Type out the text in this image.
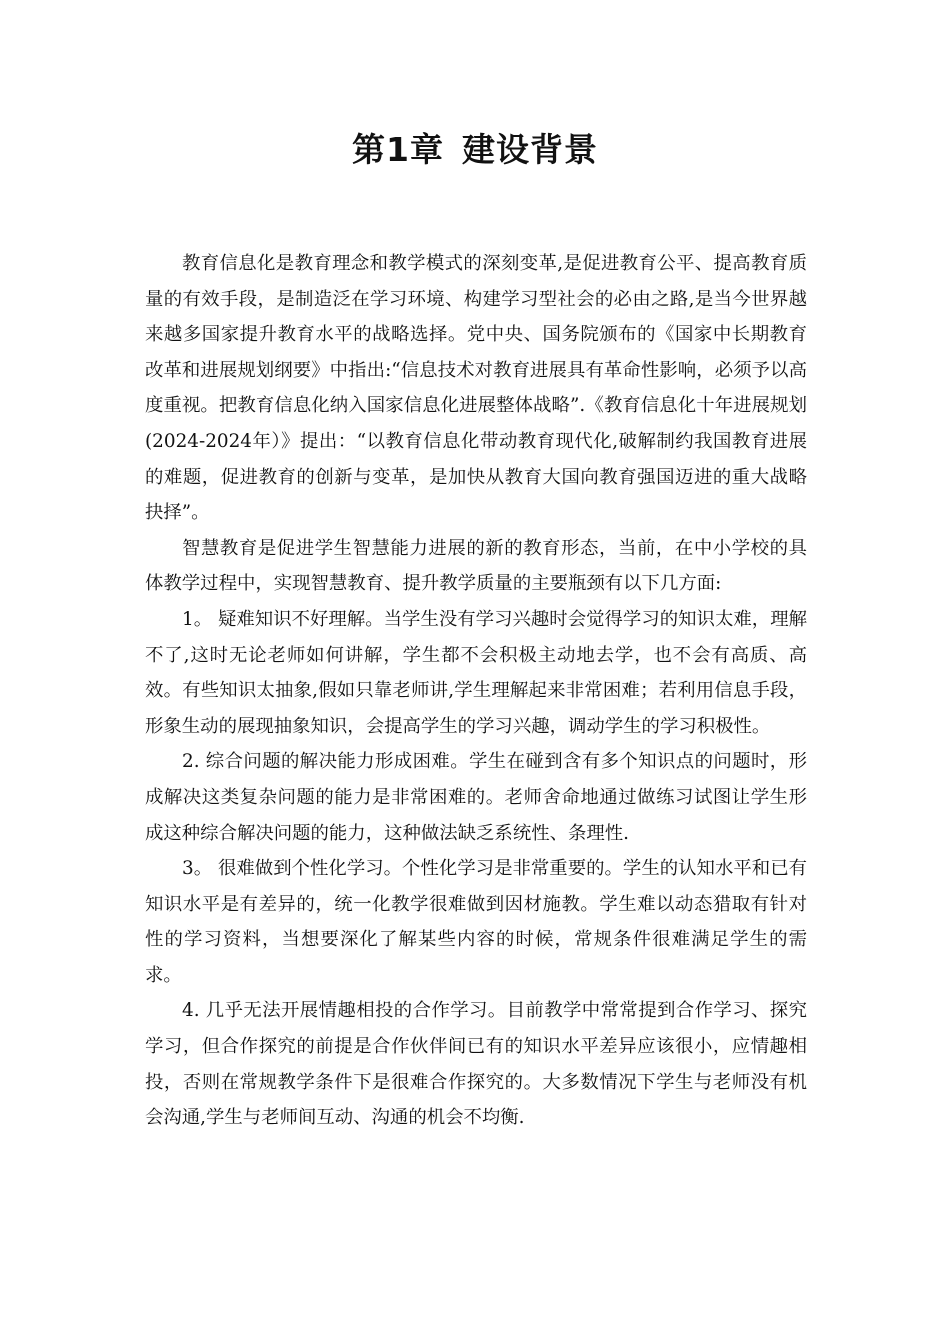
第1章 建设背景

教育信息化是教育理念和教学模式的深刻变革,是促进教育公平、提高教育质量的有效手段，是制造泛在学习环境、构建学习型社会的必由之路,是当今世界越来越多国家提升教育水平的战略选择。党中央、国务院颁布的《国家中长期教育改革和进展规划纲要》中指出:“信息技术对教育进展具有革命性影响，必须予以高度重视。把教育信息化纳入国家信息化进展整体战略”.《教育信息化十年进展规划(2024-2024年）》提出：“以教育信息化带动教育现代化,破解制约我国教育进展的难题，促进教育的创新与变革，是加快从教育大国向教育强国迈进的重大战略抉择”。

智慧教育是促进学生智慧能力进展的新的教育形态，当前，在中小学校的具体教学过程中，实现智慧教育、提升教学质量的主要瓶颈有以下几方面:

1。 疑难知识不好理解。当学生没有学习兴趣时会觉得学习的知识太难，理解不了,这时无论老师如何讲解，学生都不会积极主动地去学，也不会有高质、高效。有些知识太抽象,假如只靠老师讲,学生理解起来非常困难；若利用信息手段，形象生动的展现抽象知识，会提高学生的学习兴趣，调动学生的学习积极性。

2. 综合问题的解决能力形成困难。学生在碰到含有多个知识点的问题时，形成解决这类复杂问题的能力是非常困难的。老师舍命地通过做练习试图让学生形成这种综合解决问题的能力，这种做法缺乏系统性、条理性.

3。 很难做到个性化学习。个性化学习是非常重要的。学生的认知水平和已有知识水平是有差异的，统一化教学很难做到因材施教。学生难以动态猎取有针对性的学习资料，当想要深化了解某些内容的时候，常规条件很难满足学生的需求。

4. 几乎无法开展情趣相投的合作学习。目前教学中常常提到合作学习、探究学习，但合作探究的前提是合作伙伴间已有的知识水平差异应该很小，应情趣相投，否则在常规教学条件下是很难合作探究的。大多数情况下学生与老师没有机会沟通,学生与老师间互动、沟通的机会不均衡.
